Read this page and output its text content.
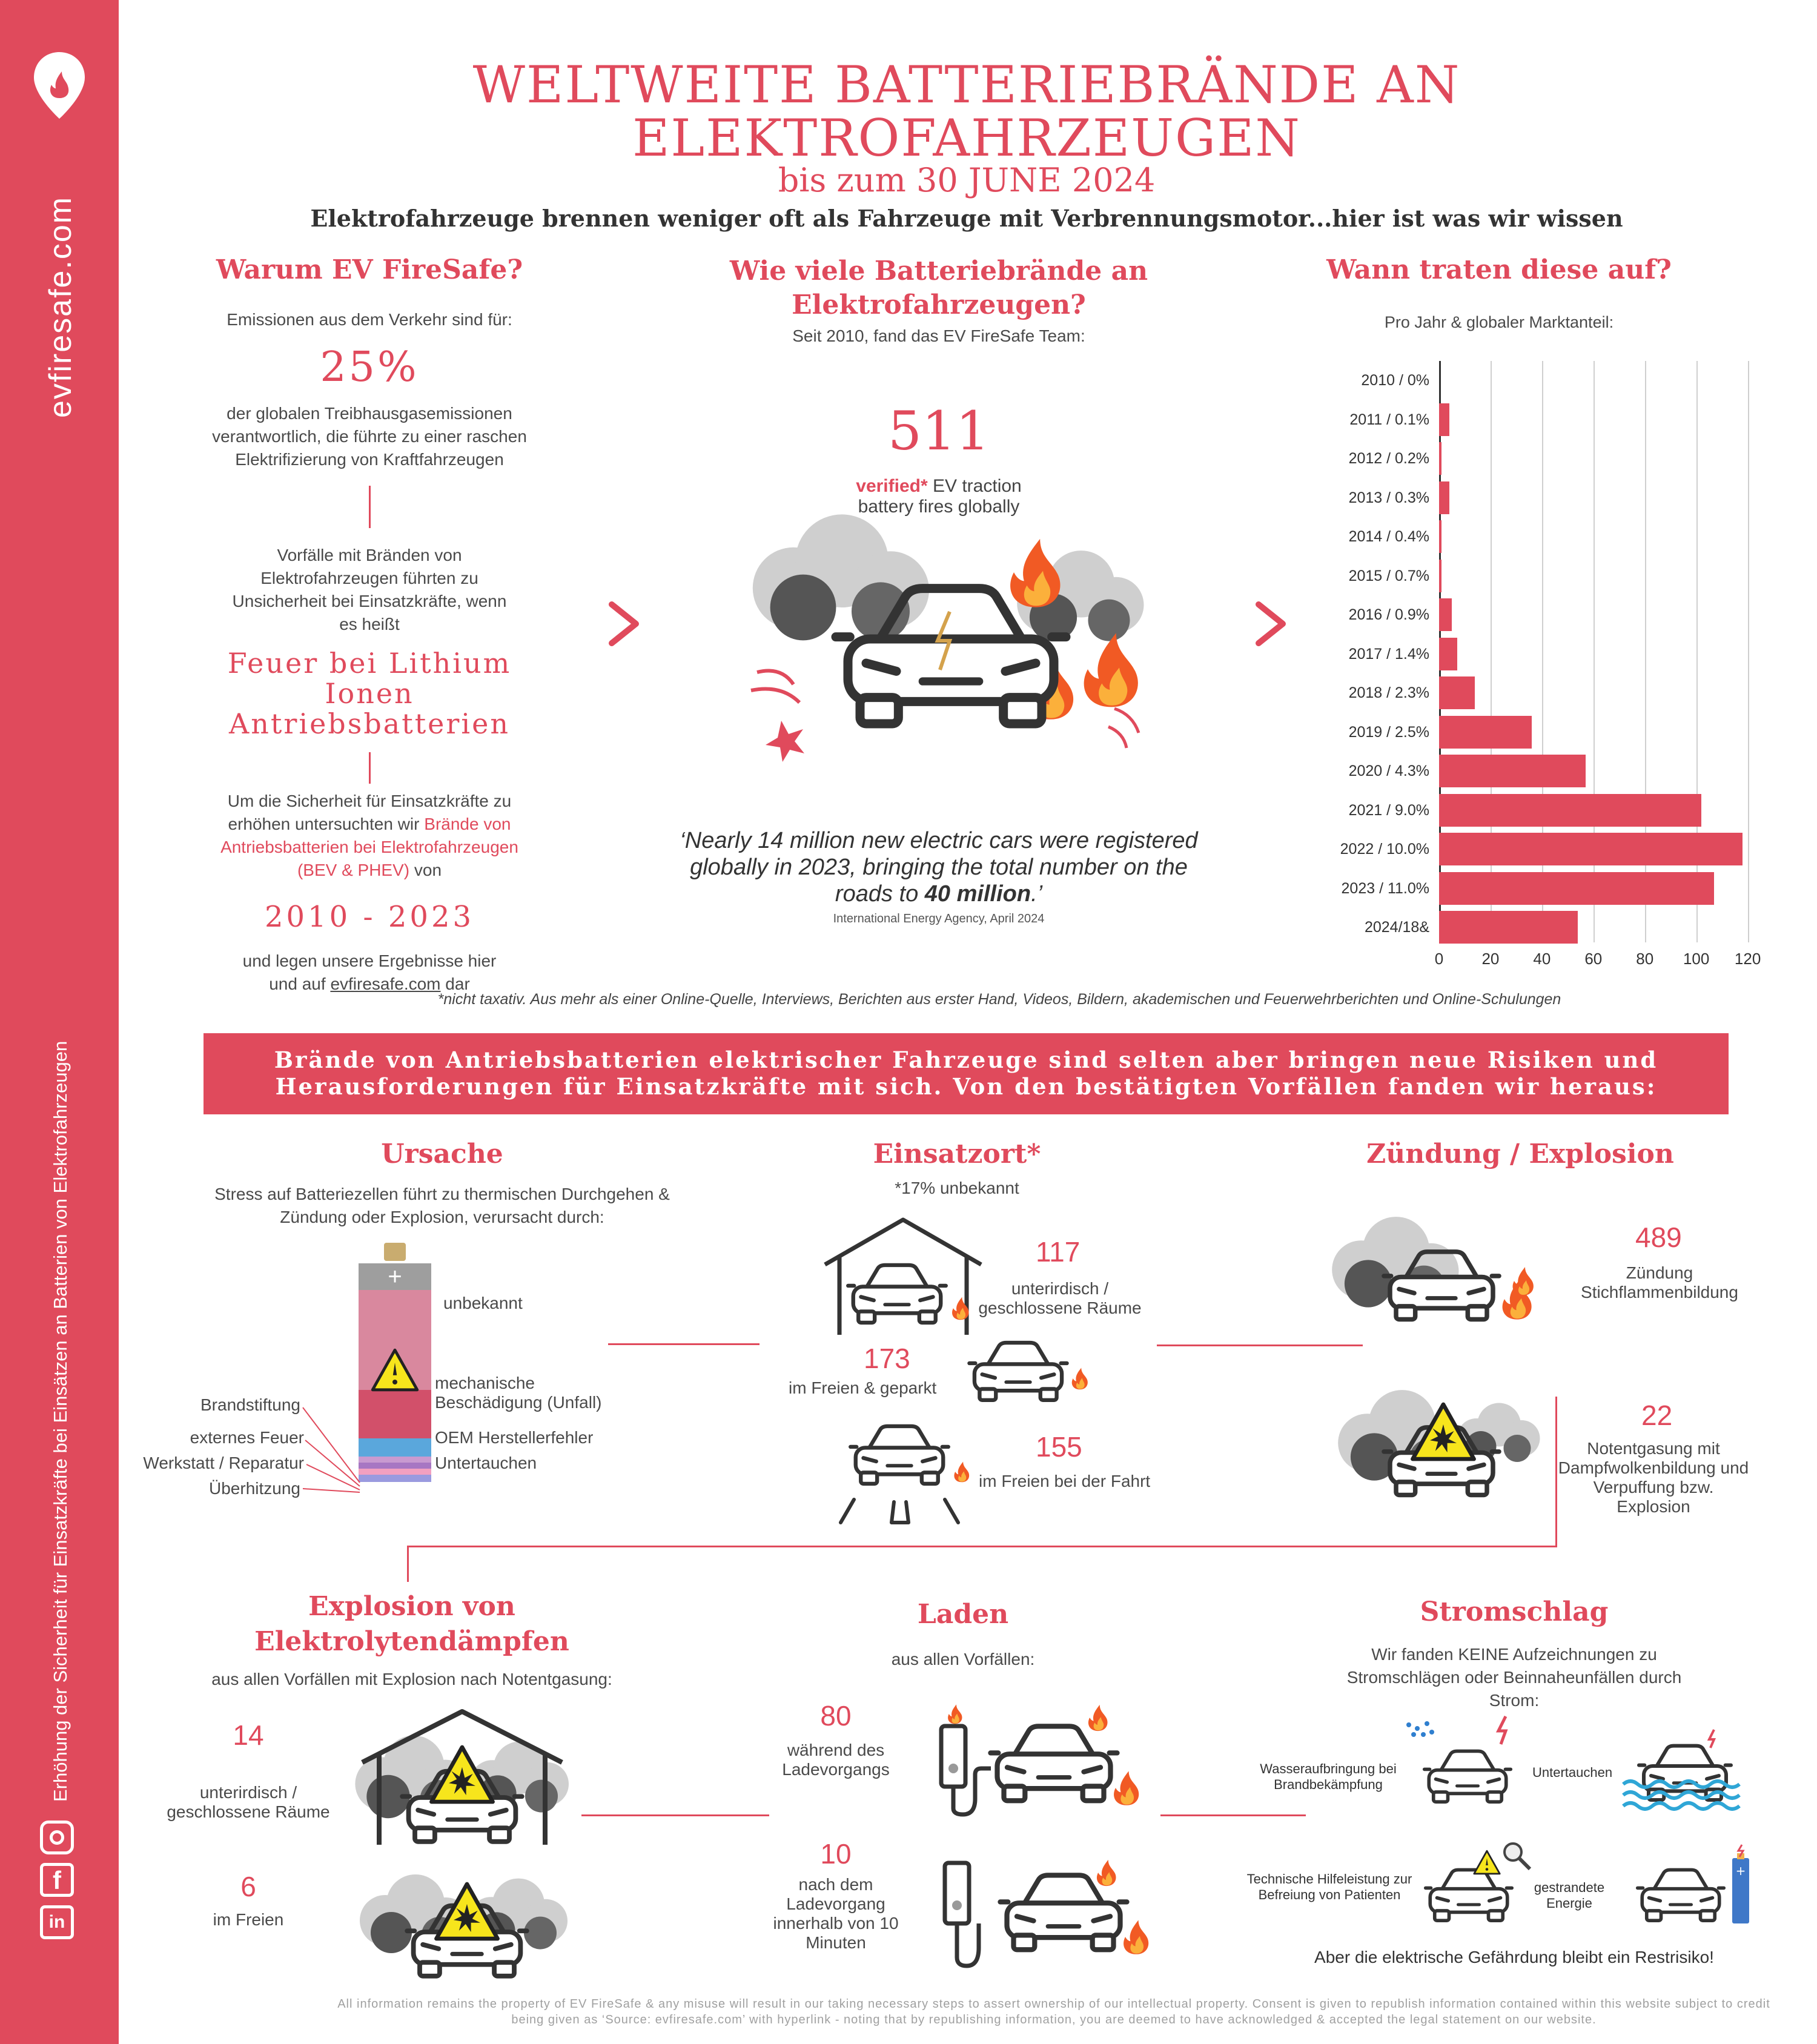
evfiresafe.com
Erhöhung der Sicherheit für Einsatzkräfte bei Einsätzen an Batterien von Elektrofahrzeugen
f
in
WELTWEITE BATTERIEBRÄNDE AN
ELEKTROFAHRZEUGEN
bis zum 30 JUNE 2024
Elektrofahrzeuge brennen weniger oft als Fahrzeuge mit Verbrennungsmotor...hier ist was wir wissen
Warum EV FireSafe?
Emissionen aus dem Verkehr sind für:
25%
der globalen Treibhausgasemissionen verantwortlich, die führte zu einer raschen Elektrifizierung von Kraftfahrzeugen
Vorfälle mit Bränden von Elektrofahrzeugen führten zu Unsicherheit bei Einsatzkräfte, wenn es heißt
Feuer bei Lithium Ionen Antriebsbatterien
Um die Sicherheit für Einsatzkräfte zu erhöhen untersuchten wir Brände von Antriebsbatterien bei Elektrofahrzeugen (BEV & PHEV) von
2010 - 2023
und legen unsere Ergebnisse hier und auf evfiresafe.com dar
Wie viele Batteriebrände an Elektrofahrzeugen?
Seit 2010, fand das EV FireSafe Team:
511
verified* EV traction
battery fires globally
‘Nearly 14 million new electric cars were registered globally in 2023, bringing the total number on the roads to 40 million.’
International Energy Agency, April 2024
Wann traten diese auf?
Pro Jahr & globaler Marktanteil:
2010 / 0%
2011 / 0.1%
2012 / 0.2%
2013 / 0.3%
2014 / 0.4%
2015 / 0.7%
2016 / 0.9%
2017 / 1.4%
2018 / 2.3%
2019 / 2.5%
2020 / 4.3%
2021 / 9.0%
2022 / 10.0%
2023 / 11.0%
2024/18&
0 20 40 60 80 100 120
*nicht taxativ. Aus mehr als einer Online-Quelle, Interviews, Berichten aus erster Hand, Videos, Bildern, akademischen und Feuerwehrberichten und Online-Schulungen
Brände von Antriebsbatterien elektrischer Fahrzeuge sind selten aber bringen neue Risiken und
Herausforderungen für Einsatzkräfte mit sich. Von den bestätigten Vorfällen fanden wir heraus:
Ursache
Stress auf Batteriezellen führt zu thermischen Durchgehen & Zündung oder Explosion, verursacht durch:
+
unbekannt
mechanische Beschädigung (Unfall)
OEM Herstellerfehler
Untertauchen
Brandstiftung
externes Feuer
Werkstatt / Reparatur
Überhitzung
Einsatzort*
*17% unbekannt
117
unterirdisch / geschlossene Räume
173
im Freien & geparkt
155
im Freien bei der Fahrt
Zündung / Explosion
489
Zündung Stichflammenbildung
22
Notentgasung mit Dampfwolkenbildung und Verpuffung bzw. Explosion
Explosion von
Elektrolytendämpfen
aus allen Vorfällen mit Explosion nach Notentgasung:
14
unterirdisch / geschlossene Räume
6
im Freien
Laden
aus allen Vorfällen:
80
während des Ladevorgangs
10
nach dem Ladevorgang innerhalb von 10 Minuten
Stromschlag
Wir fanden KEINE Aufzeichnungen zu Stromschlägen oder Beinnaheunfällen durch Strom:
Wasseraufbringung bei Brandbekämpfung
Untertauchen
Technische Hilfeleistung zur Befreiung von Patienten	gestrandete Energie
+
Aber die elektrische Gefährdung bleibt ein Restrisiko!
All information remains the property of EV FireSafe & any misuse will result in our taking necessary steps to assert ownership of our intellectual property. Consent is given to republish information contained within this website subject to credit being given as ‘Source: evfiresafe.com’ with hyperlink - noting that by republishing information, you are deemed to have acknowledged & accepted the legal statement on our website.
